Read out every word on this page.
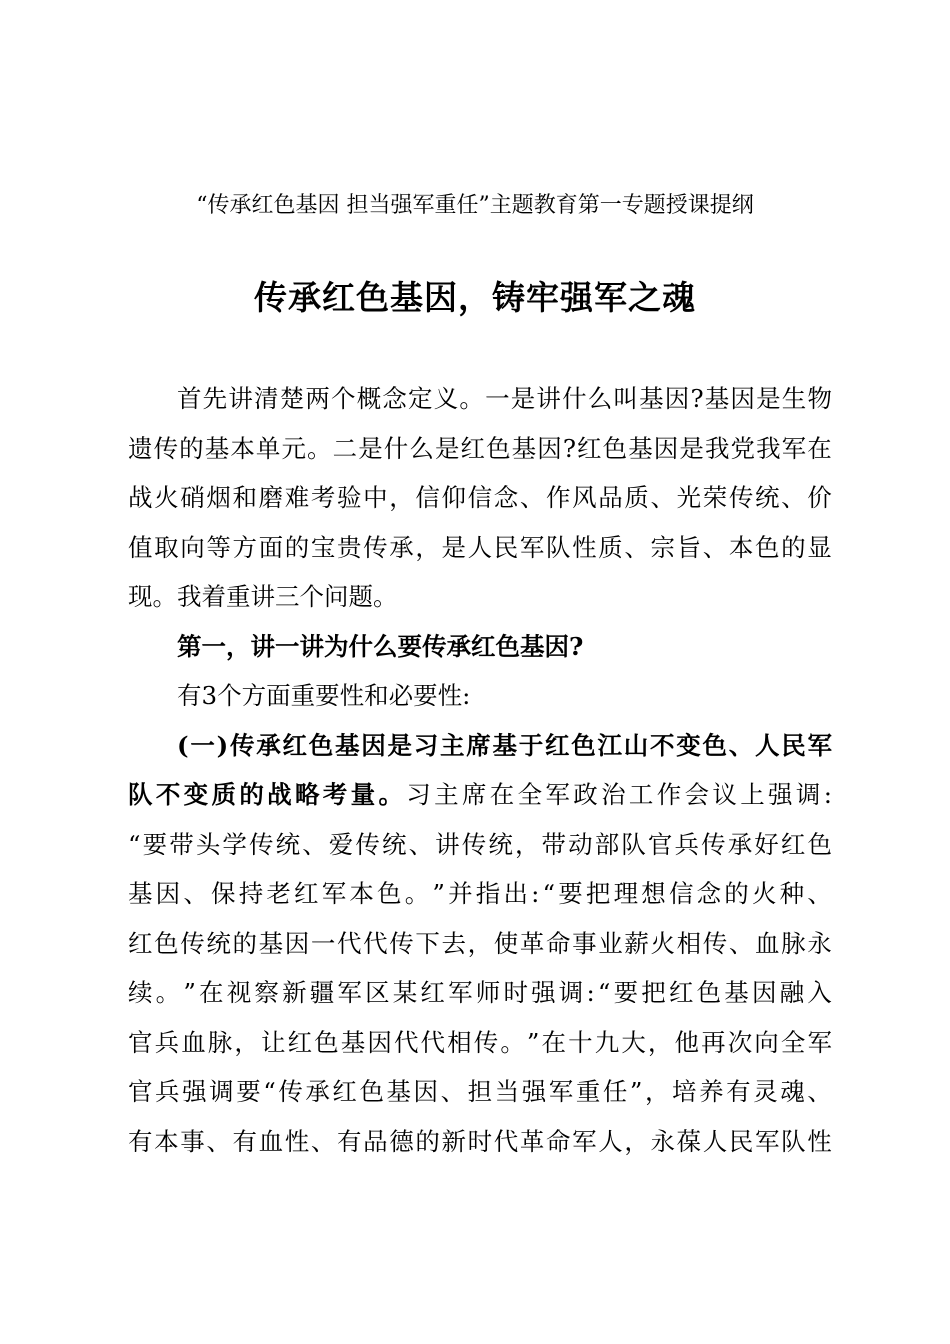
“传承红色基因 担当强军重任”主题教育第一专题授课提纲
传承红色基因，铸牢强军之魂
首 先 讲 清 楚 两 个 概 念 定 义 。 一 是 讲 什 么 叫 基 因 ? 基 因 是 生 物
遗 传 的 基 本 单 元 。 二 是 什 么 是 红 色 基 因 ? 红 色 基 因 是 我 党 我 军 在
战 火 硝 烟 和 磨 难 考 验 中 ， 信 仰 信 念 、 作 风 品 质 、 光 荣 传 统 、 价
值 取 向 等 方 面 的 宝 贵 传 承 ， 是 人 民 军 队 性 质 、 宗 旨 、 本 色 的 显
现 。 我 着 重 讲 三 个 问 题 。
第 一 ， 讲 一 讲 为 什 么 要 传 承 红 色 基 因 ?
有 3 个 方 面 重 要 性 和 必 要 性 :
( 一 ) 传 承 红 色 基 因 是 习 主 席 基 于 红 色 江 山 不 变 色 、 人 民 军
队 不 变 质 的 战 略 考 量 。 习 主 席 在 全 军 政 治 工 作 会 议 上 强 调 :
“ 要 带 头 学 传 统 、 爱 传 统 、 讲 传 统 ， 带 动 部 队 官 兵 传 承 好 红 色
基 因 、 保 持 老 红 军 本 色 。 ” 并 指 出 : “ 要 把 理 想 信 念 的 火 种 、
红 色 传 统 的 基 因 一 代 代 传 下 去 ， 使 革 命 事 业 薪 火 相 传 、 血 脉 永
续 。 ” 在 视 察 新 疆 军 区 某 红 军 师 时 强 调 : “ 要 把 红 色 基 因 融 入
官 兵 血 脉 ， 让 红 色 基 因 代 代 相 传 。 ” 在 十 九 大 ， 他 再 次 向 全 军
官 兵 强 调 要 “ 传 承 红 色 基 因 、 担 当 强 军 重 任 ” ， 培 养 有 灵 魂 、
有 本 事 、 有 血 性 、 有 品 德 的 新 时 代 革 命 军 人 ， 永 葆 人 民 军 队 性
